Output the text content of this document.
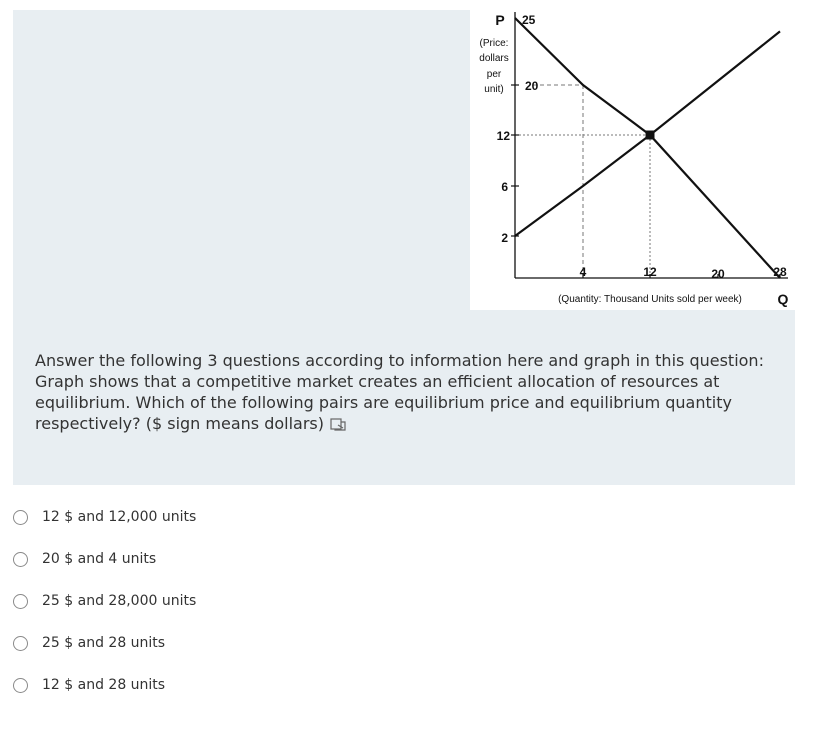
25
20
12
6
2
4	12	20	28
P
(Price:
dollars
per
unit)
(Quantity: Thousand Units sold per week)	Q
Answer the following 3 questions according to information here and graph in this question:
Graph shows that a competitive market creates an efficient allocation of resources at
equilibrium. Which of the following pairs are equilibrium price and equilibrium quantity
respectively? ($ sign means dollars)
12 $ and 12,000 units
20 $ and 4 units
25 $ and 28,000 units
25 $ and 28 units
12 $ and 28 units
